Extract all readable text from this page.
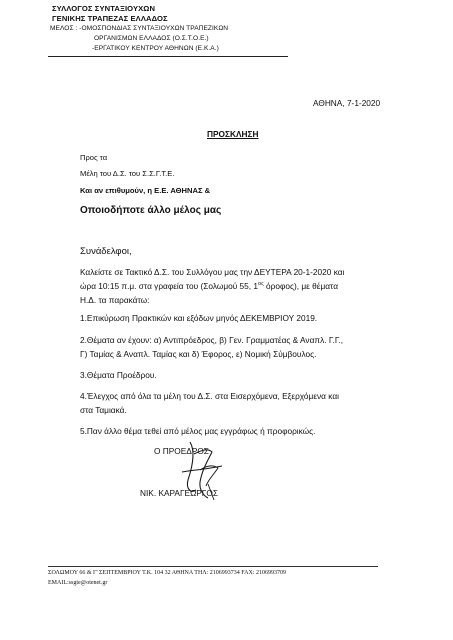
ΣΥΛΛΟΓΟΣ ΣΥΝΤΑΞΙΟΥΧΩΝ
ΓΕΝΙΚΗΣ ΤΡΑΠΕΖΑΣ ΕΛΛΑΔΟΣ
ΜΕΛΟΣ : -ΟΜΟΣΠΟΝΔΙΑΣ ΣΥΝΤΑΞΙΟΥΧΩΝ ΤΡΑΠΕΖΙΚΩΝ
ΟΡΓΑΝΙΣΜΩΝ ΕΛΛΑΔΟΣ (Ο.Σ.Τ.Ο.Ε.)
-ΕΡΓΑΤΙΚΟΥ ΚΕΝΤΡΟΥ ΑΘΗΝΩΝ (Ε.Κ.Α.)
ΑΘΗΝΑ, 7-1-2020
ΠΡΟΣΚΛΗΣΗ
Προς τα
Μέλη του Δ.Σ. του Σ.Σ.Γ.Τ.Ε.
Και αν επιθυμούν, η Ε.Ε. ΑΘΗΝΑΣ &
Οποιοδήποτε άλλο μέλος μας
Συνάδελφοι,
Καλείστε σε Τακτικό Δ.Σ. του Συλλόγου μας την ΔΕΥΤΕΡΑ 20-1-2020 και
ώρα 10:15 π.μ. στα γραφεία του (Σολωμού 55, $1^{o\varsigma}$ όροφος), με θέματα
Η.Δ. τα παρακάτω:
1.Επικύρωση Πρακτικών και εξόδων μηνός ΔΕΚΕΜΒΡΙΟΥ 2019.
2.Θέματα αν έχουν: α) Αντιπρόεδρος, β) Γεν. Γραμματέας & Αναπλ. Γ.Γ.,
Γ) Ταμίας & Αναπλ. Ταμίας και δ) Έφορος, ε) Νομική Σύμβουλος.
3.Θέματα Προέδρου.
4.Έλεγχος από όλα τα μέλη του Δ.Σ. στα Εισερχόμενα, Εξερχόμενα και
στα Ταμιακά.
5.Παν άλλο θέμα τεθεί από μέλος μας εγγράφως ή προφορικώς.
Ο ΠΡΟΕΔΡΟΣ
ΝΙΚ. ΚΑΡΑΓΕΩΡΓΟΣ
ΣΟΛΩΜΟΥ 66 & Γ' ΣΕΠΤΕΜΒΡΙΟΥ Τ.Κ. 104 32 ΑΘΗΝΑ ΤΗΛ: 2106993734 FAX: 2106993709
EMAIL:ssgte@otenet.gr
